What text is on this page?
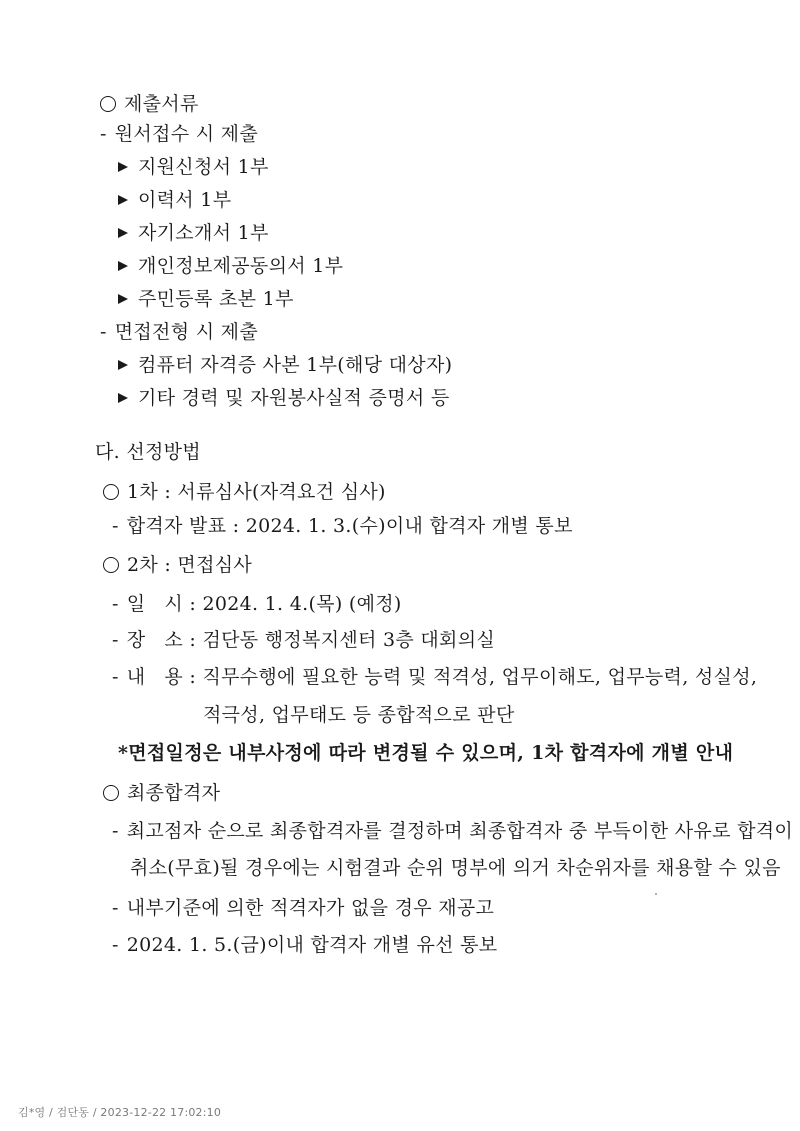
제출서류
- 원서접수 시 제출
지원신청서 1부
이력서 1부
자기소개서 1부
개인정보제공동의서 1부
주민등록 초본 1부
- 면접전형 시 제출
컴퓨터 자격증 사본 1부(해당 대상자)
기타 경력 및 자원봉사실적 증명서 등
다. 선정방법
1차 : 서류심사(자격요건 심사)
- 합격자 발표 : 2024. 1. 3.(수)이내 합격자 개별 통보
2차 : 면접심사
- 일   시 : 2024. 1. 4.(목) (예정)
- 장   소 : 검단동 행정복지센터 3층 대회의실
- 내   용 : 직무수행에 필요한 능력 및 적격성, 업무이해도, 업무능력, 성실성,
적극성, 업무태도 등 종합적으로 판단
*면접일정은 내부사정에 따라 변경될 수 있으며, 1차 합격자에 개별 안내
최종합격자
- 최고점자 순으로 최종합격자를 결정하며 최종합격자 중 부득이한 사유로 합격이
취소(무효)될 경우에는 시험결과 순위 명부에 의거 차순위자를 채용할 수 있음
- 내부기준에 의한 적격자가 없을 경우 재공고
- 2024. 1. 5.(금)이내 합격자 개별 유선 통보
김*영 / 검단동 / 2023-12-22 17:02:10
